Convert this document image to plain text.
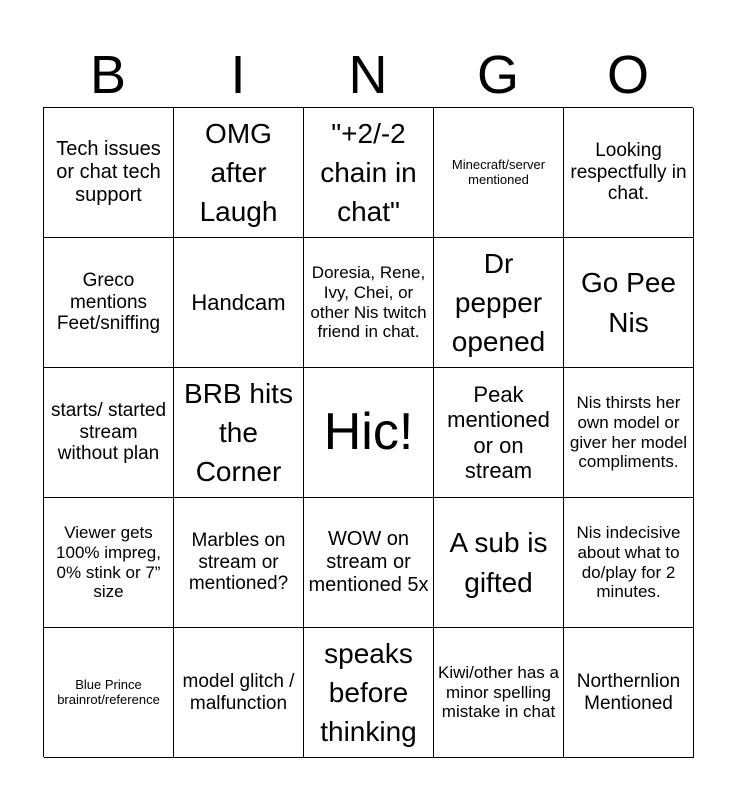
B	I	N	G	O
Tech issues or chat tech support
OMG after Laugh
"+2/-2 chain in chat"
Minecraft/server mentioned
Looking respectfully in chat.
Greco mentions Feet/sniffing
Handcam
Doresia, Rene, Ivy, Chei, or other Nis twitch friend in chat.
Dr pepper opened
Go Pee Nis
starts/ started stream without plan
BRB hits the Corner
Hic!
Peak mentioned or on stream
Nis thirsts her own model or giver her model compliments.
Viewer gets 100% impreg, 0% stink or 7” size
Marbles on stream or mentioned?
WOW on stream or mentioned 5x
A sub is gifted
Nis indecisive about what to do/play for 2 minutes.
Blue Prince brainrot/reference
model glitch / malfunction
speaks before thinking
Kiwi/other has a minor spelling mistake in chat
Northernlion Mentioned
